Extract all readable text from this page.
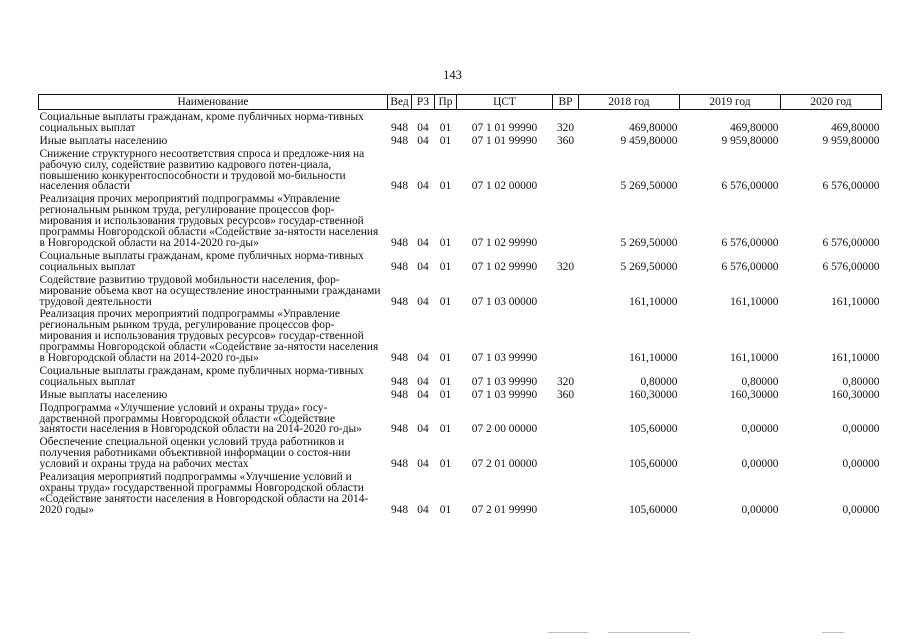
143
Наименование	Вед	РЗ	Пр	ЦСТ	ВР	2018 год	2019 год	2020 год
Социальные выплаты гражданам, кроме публичных норма-тивных социальных выплат	948	04	01	07 1 01 99990	320	469,80000	469,80000	469,80000
Иные выплаты населению	948	04	01	07 1 01 99990	360	9 459,80000	9 959,80000	9 959,80000
Снижение структурного несоответствия спроса и предложе-ния на рабочую силу, содействие развитию кадрового потен-циала, повышению конкурентоспособности и трудовой мо-бильности населения области	948	04	01	07 1 02 00000		5 269,50000	6 576,00000	6 576,00000
Реализация прочих мероприятий подпрограммы «Управление региональным рынком труда, регулирование процессов фор-мирования и использования трудовых ресурсов» государ-ственной программы Новгородской области «Содействие за-нятости населения в Новгородской области на 2014-2020 го-ды»	948	04	01	07 1 02 99990		5 269,50000	6 576,00000	6 576,00000
Социальные выплаты гражданам, кроме публичных норма-тивных социальных выплат	948	04	01	07 1 02 99990	320	5 269,50000	6 576,00000	6 576,00000
Содействие развитию трудовой мобильности населения, фор-мирование объема квот на осуществление иностранными гражданами трудовой деятельности	948	04	01	07 1 03 00000		161,10000	161,10000	161,10000
Реализация прочих мероприятий подпрограммы «Управление региональным рынком труда, регулирование процессов фор-мирования и использования трудовых ресурсов» государ-ственной программы Новгородской области «Содействие за-нятости населения в Новгородской области на 2014-2020 го-ды»	948	04	01	07 1 03 99990		161,10000	161,10000	161,10000
Социальные выплаты гражданам, кроме публичных норма-тивных социальных выплат	948	04	01	07 1 03 99990	320	0,80000	0,80000	0,80000
Иные выплаты населению	948	04	01	07 1 03 99990	360	160,30000	160,30000	160,30000
Подпрограмма «Улучшение условий и охраны труда» госу-дарственной программы Новгородской области «Содействие занятости населения в Новгородской области на 2014-2020 го-ды»	948	04	01	07 2 00 00000		105,60000	0,00000	0,00000
Обеспечение специальной оценки условий труда работников и получения работниками объективной информации о состоя-нии условий и охраны труда на рабочих местах	948	04	01	07 2 01 00000		105,60000	0,00000	0,00000
Реализация мероприятий подпрограммы «Улучшение условий и охраны труда» государственной программы Новгородской области «Содействие занятости населения в Новгородской области на 2014-2020 годы»	948	04	01	07 2 01 99990		105,60000	0,00000	0,00000
